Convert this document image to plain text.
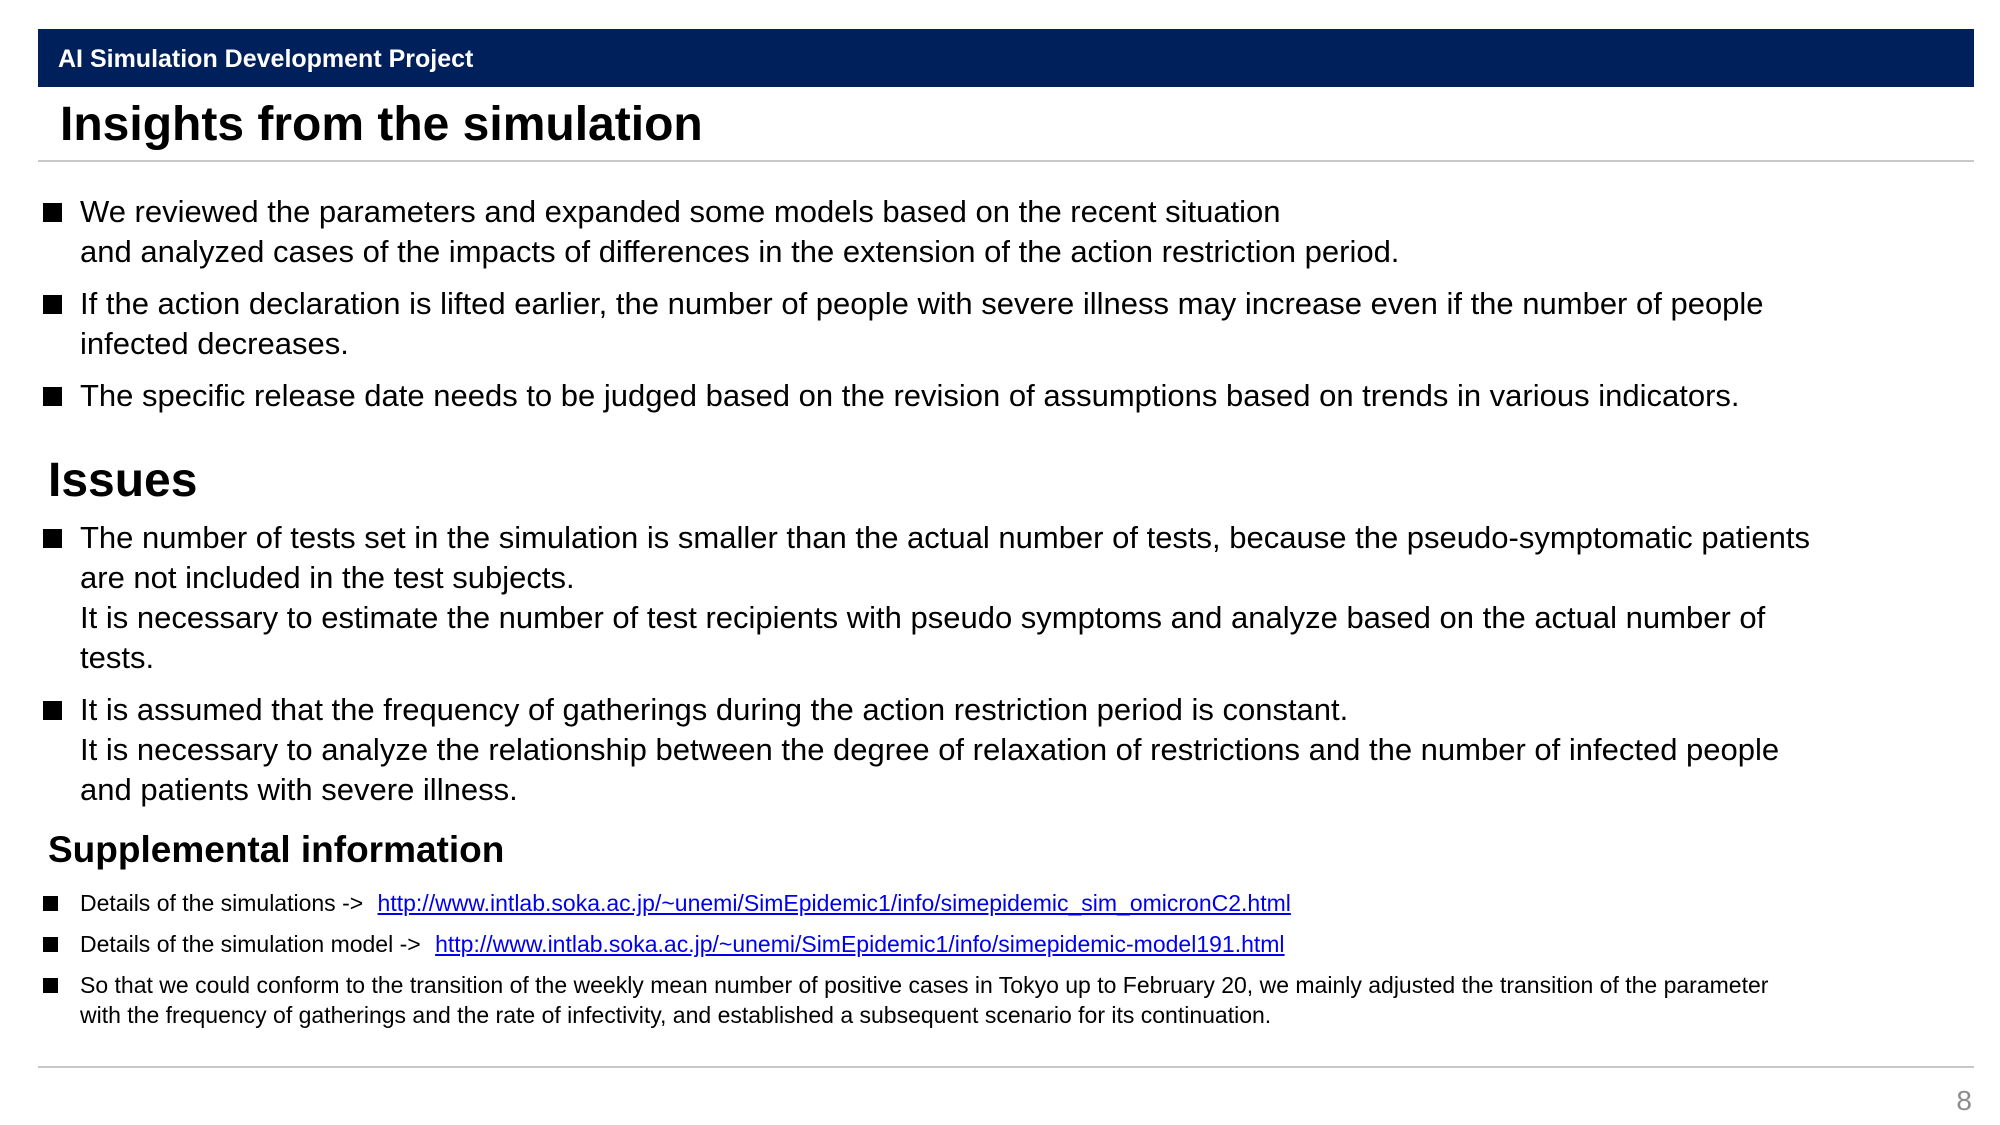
AI Simulation Development Project
Insights from the simulation
We reviewed the parameters and expanded some models based on the recent situation
and analyzed cases of the impacts of differences in the extension of the action restriction period.
If the action declaration is lifted earlier, the number of people with severe illness may increase even if the number of people
infected decreases.
The specific release date needs to be judged based on the revision of assumptions based on trends in various indicators.
Issues
The number of tests set in the simulation is smaller than the actual number of tests, because the pseudo-symptomatic patients
are not included in the test subjects.
It is necessary to estimate the number of test recipients with pseudo symptoms and analyze based on the actual number of
tests.
It is assumed that the frequency of gatherings during the action restriction period is constant.
It is necessary to analyze the relationship between the degree of relaxation of restrictions and the number of infected people
and patients with severe illness.
Supplemental information
Details of the simulations -> http://www.intlab.soka.ac.jp/~unemi/SimEpidemic1/info/simepidemic_sim_omicronC2.html
Details of the simulation model -> http://www.intlab.soka.ac.jp/~unemi/SimEpidemic1/info/simepidemic-model191.html
So that we could conform to the transition of the weekly mean number of positive cases in Tokyo up to February 20, we mainly adjusted the transition of the parameter
with the frequency of gatherings and the rate of infectivity, and established a subsequent scenario for its continuation.
8
